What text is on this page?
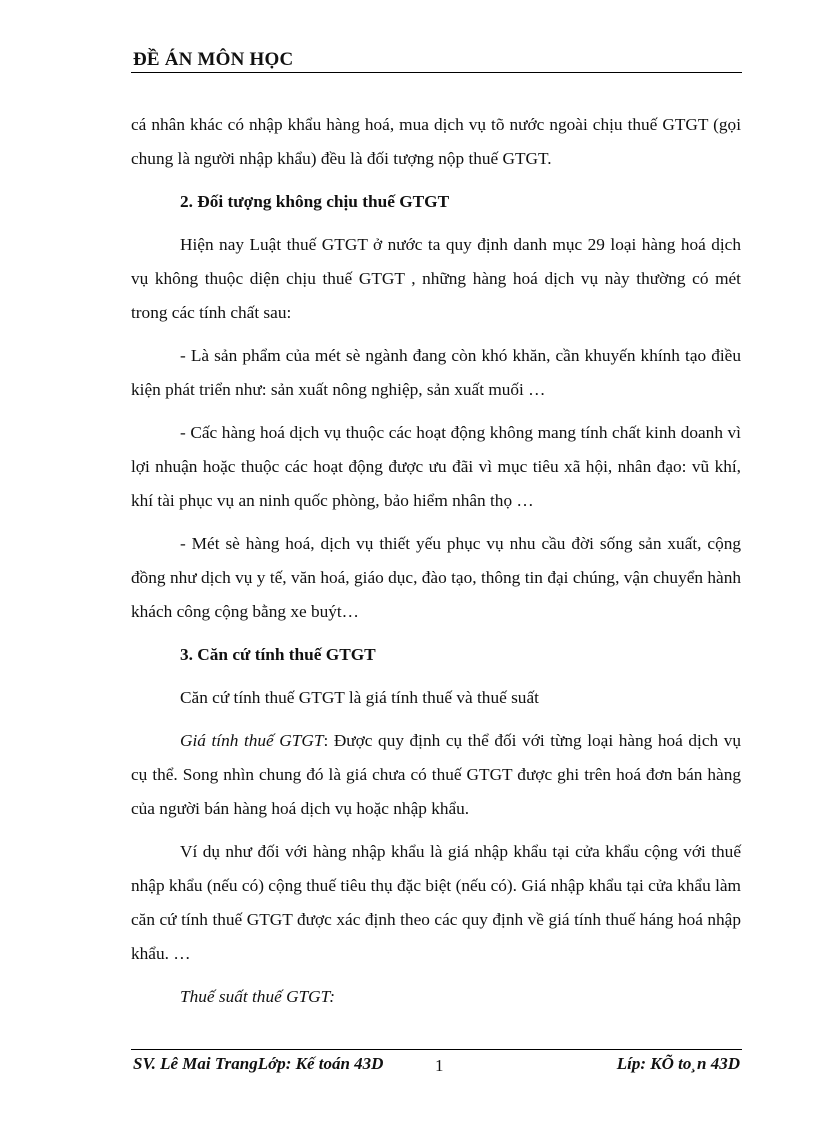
ĐỀ ÁN MÔN HỌC

cá nhân khác có nhập khẩu hàng hoá, mua dịch vụ tõ nước ngoài chịu thuế GTGT (gọi chung là người nhập khẩu) đều là đối tượng nộp thuế GTGT.

2. Đối tượng không chịu thuế GTGT

Hiện nay Luật thuế GTGT ở nước ta quy định danh mục 29 loại hàng hoá dịch vụ không thuộc diện chịu thuế GTGT , những hàng hoá dịch vụ này thường có mét trong các tính chất sau:

- Là sản phẩm của mét sè ngành đang còn khó khăn, cần khuyến khính tạo điều kiện phát triển như: sản xuất nông nghiệp, sản xuất muối …

- Cấc hàng hoá dịch vụ thuộc các hoạt động không mang tính chất kinh doanh vì lợi nhuận hoặc thuộc các hoạt động được ưu đãi vì mục tiêu xã hội, nhân đạo: vũ khí, khí tài phục vụ an ninh quốc phòng, bảo hiểm nhân thọ …

- Mét sè hàng hoá, dịch vụ thiết yếu phục vụ nhu cầu đời sống sản xuất, cộng đồng như dịch vụ y tế, văn hoá, giáo dục, đào tạo, thông tin đại chúng, vận chuyển hành khách công cộng bằng xe buýt…

3. Căn cứ tính thuế GTGT

Căn cứ tính thuế GTGT là giá tính thuế và thuế suất

Giá tính thuế GTGT: Được quy định cụ thể đối với từng loại hàng hoá dịch vụ cụ thể. Song nhìn chung đó là giá chưa có thuế GTGT được ghi trên hoá đơn bán hàng của người bán hàng hoá dịch vụ hoặc nhập khẩu.

Ví dụ như đối với hàng nhập khẩu là giá nhập khẩu tại cửa khẩu cộng với thuế nhập khẩu (nếu có) cộng thuế tiêu thụ đặc biệt (nếu có). Giá nhập khẩu tại cửa khẩu làm căn cứ tính thuế GTGT được xác định theo các quy định về giá tính thuế háng hoá nhập khẩu. …

Thuế suất thuế GTGT:

SV. Lê Mai TrangLớp: Kế toán 43D	1	Líp: KÕ to¸n 43D
